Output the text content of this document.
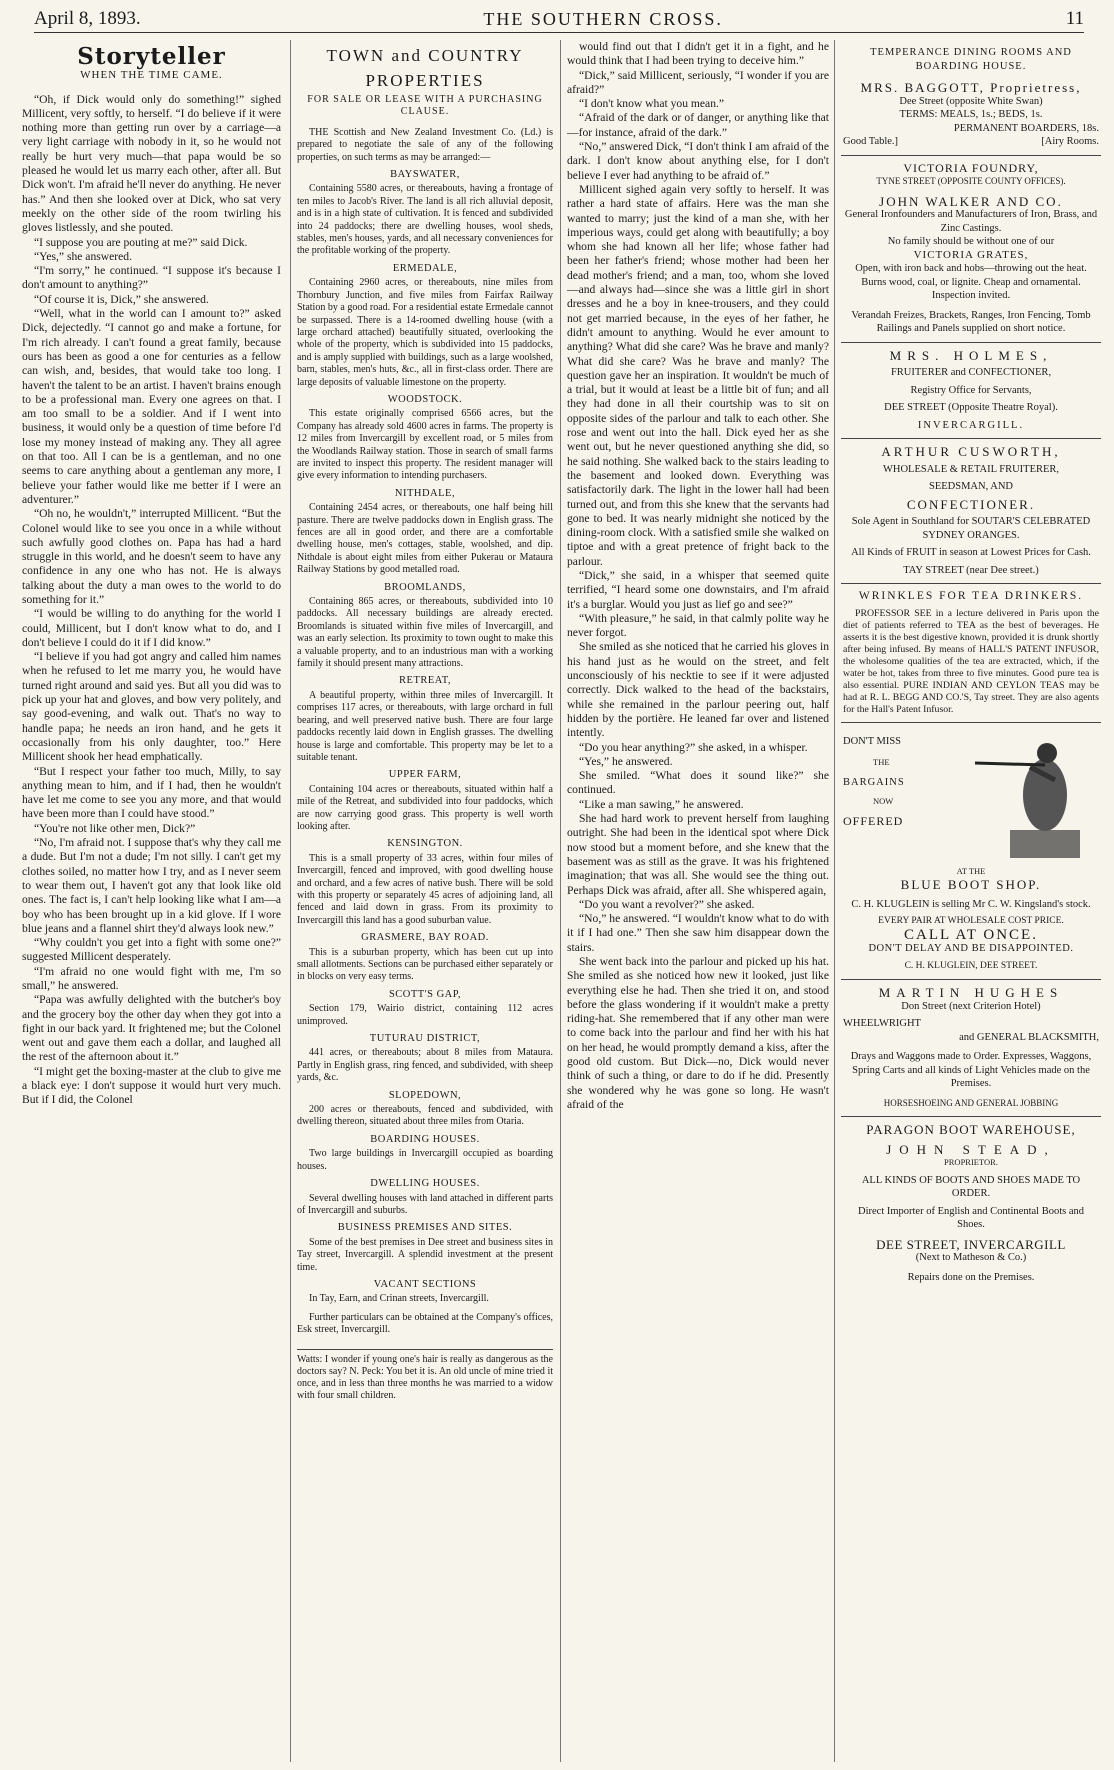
April 8, 1893.	THE SOUTHERN CROSS.	11
Storyteller
WHEN THE TIME CAME.

“Oh, if Dick would only do something!” sighed Millicent, very softly, to herself. “I do believe if it were nothing more than getting run over by a carriage—a very light carriage with nobody in it, so he would not really be hurt very much—that papa would be so pleased he would let us marry each other, after all. But Dick won't. I'm afraid he'll never do anything. He never has.” And then she looked over at Dick, who sat very meekly on the other side of the room twirling his gloves listlessly, and she pouted.

“I suppose you are pouting at me?” said Dick.

“Yes,” she answered.

“I'm sorry,” he continued. “I suppose it's because I don't amount to anything?”

“Of course it is, Dick,” she answered.

“Well, what in the world can I amount to?” asked Dick, dejectedly. “I cannot go and make a fortune, for I'm rich already. I can't found a great family, because ours has been as good a one for centuries as a fellow can wish, and, besides, that would take too long. I haven't the talent to be an artist. I haven't brains enough to be a professional man. Every one agrees on that. I am too small to be a soldier. And if I went into business, it would only be a question of time before I'd lose my money instead of making any. They all agree on that too. All I can be is a gentleman, and no one seems to care anything about a gentleman any more, I believe your father would like me better if I were an adventurer.”

“Oh no, he wouldn't,” interrupted Millicent. “But the Colonel would like to see you once in a while without such awfully good clothes on. Papa has had a hard struggle in this world, and he doesn't seem to have any confidence in any one who has not. He is always talking about the duty a man owes to the world to do something for it.”

“I would be willing to do anything for the world I could, Millicent, but I don't know what to do, and I don't believe I could do it if I did know.”

“I believe if you had got angry and called him names when he refused to let me marry you, he would have turned right around and said yes. But all you did was to pick up your hat and gloves, and bow very politely, and say good-evening, and walk out. That's no way to handle papa; he needs an iron hand, and he gets it occasionally from his only daughter, too.” Here Millicent shook her head emphatically.

“But I respect your father too much, Milly, to say anything mean to him, and if I had, then he wouldn't have let me come to see you any more, and that would have been more than I could have stood.”

“You're not like other men, Dick?”

“No, I'm afraid not. I suppose that's why they call me a dude. But I'm not a dude; I'm not silly. I can't get my clothes soiled, no matter how I try, and as I never seem to wear them out, I haven't got any that look like old ones. The fact is, I can't help looking like what I am—a boy who has been brought up in a kid glove. If I wore blue jeans and a flannel shirt they'd always look new.”

“Why couldn't you get into a fight with some one?” suggested Millicent desperately.

“I'm afraid no one would fight with me, I'm so small,” he answered.

“Papa was awfully delighted with the butcher's boy and the grocery boy the other day when they got into a fight in our back yard. It frightened me; but the Colonel went out and gave them each a dollar, and laughed all the rest of the afternoon about it.”

“I might get the boxing-master at the club to give me a black eye: I don't suppose it would hurt very much. But if I did, the Colonel

TOWN and COUNTRY
PROPERTIES
FOR SALE OR LEASE WITH A PURCHASING CLAUSE.

THE Scottish and New Zealand Investment Co. (Ld.) is prepared to negotiate the sale of any of the following properties, on such terms as may be arranged:—

BAYSWATER,

Containing 5580 acres, or thereabouts, having a frontage of ten miles to Jacob's River. The land is all rich alluvial deposit, and is in a high state of cultivation. It is fenced and subdivided into 24 paddocks; there are dwelling houses, wool sheds, stables, men's houses, yards, and all necessary conveniences for the profitable working of the property.

ERMEDALE,

Containing 2960 acres, or thereabouts, nine miles from Thornbury Junction, and five miles from Fairfax Railway Station by a good road. For a residential estate Ermedale cannot be surpassed. There is a 14-roomed dwelling house (with a large orchard attached) beautifully situated, overlooking the whole of the property, which is subdivided into 15 paddocks, and is amply supplied with buildings, such as a large woolshed, barn, stables, men's huts, &c., all in first-class order. There are large deposits of valuable limestone on the property.

WOODSTOCK.

This estate originally comprised 6566 acres, but the Company has already sold 4600 acres in farms. The property is 12 miles from Invercargill by excellent road, or 5 miles from the Woodlands Railway station. Those in search of small farms are invited to inspect this property. The resident manager will give every information to intending purchasers.

NITHDALE,

Containing 2454 acres, or thereabouts, one half being hill pasture. There are twelve paddocks down in English grass. The fences are all in good order, and there are a comfortable dwelling house, men's cottages, stable, woolshed, and dip. Nithdale is about eight miles from either Pukerau or Mataura Railway Stations by good metalled road.

BROOMLANDS,

Containing 865 acres, or thereabouts, subdivided into 10 paddocks. All necessary buildings are already erected. Broomlands is situated within five miles of Invercargill, and was an early selection. Its proximity to town ought to make this a valuable property, and to an industrious man with a working family it should present many attractions.

RETREAT,

A beautiful property, within three miles of Invercargill. It comprises 117 acres, or thereabouts, with large orchard in full bearing, and well preserved native bush. There are four large paddocks recently laid down in English grasses. The dwelling house is large and comfortable. This property may be let to a suitable tenant.

UPPER FARM,

Containing 104 acres or thereabouts, situated within half a mile of the Retreat, and subdivided into four paddocks, which are now carrying good grass. This property is well worth looking after.

KENSINGTON.

This is a small property of 33 acres, within four miles of Invercargill, fenced and improved, with good dwelling house and orchard, and a few acres of native bush. There will be sold with this property or separately 45 acres of adjoining land, all fenced and laid down in grass. From its proximity to Invercargill this land has a good suburban value.

GRASMERE, BAY ROAD.

This is a suburban property, which has been cut up into small allotments. Sections can be purchased either separately or in blocks on very easy terms.

SCOTT'S GAP,

Section 179, Wairio district, containing 112 acres unimproved.

TUTURAU DISTRICT,

441 acres, or thereabouts; about 8 miles from Mataura. Partly in English grass, ring fenced, and subdivided, with sheep yards, &c.

SLOPEDOWN,

200 acres or thereabouts, fenced and subdivided, with dwelling thereon, situated about three miles from Otaria.

BOARDING HOUSES.

Two large buildings in Invercargill occupied as boarding houses.

DWELLING HOUSES.

Several dwelling houses with land attached in different parts of Invercargill and suburbs.

BUSINESS PREMISES AND SITES.

Some of the best premises in Dee street and business sites in Tay street, Invercargill. A splendid investment at the present time.

VACANT SECTIONS

In Tay, Earn, and Crinan streets, Invercargill.

Further particulars can be obtained at the Company's offices, Esk street, Invercargill.

Watts: I wonder if young one's hair is really as dangerous as the doctors say? N. Peck: You bet it is. An old uncle of mine tried it once, and in less than three months he was married to a widow with four small children.

would find out that I didn't get it in a fight, and he would think that I had been trying to deceive him.”

“Dick,” said Millicent, seriously, “I wonder if you are afraid?”

“I don't know what you mean.”

“Afraid of the dark or of danger, or anything like that—for instance, afraid of the dark.”

“No,” answered Dick, “I don't think I am afraid of the dark. I don't know about anything else, for I don't believe I ever had anything to be afraid of.”

Millicent sighed again very softly to herself. It was rather a hard state of affairs. Here was the man she wanted to marry; just the kind of a man she, with her imperious ways, could get along with beautifully; a boy whom she had known all her life; whose father had been her father's friend; whose mother had been her dead mother's friend; and a man, too, whom she loved—and always had—since she was a little girl in short dresses and he a boy in knee-trousers, and they could not get married because, in the eyes of her father, he didn't amount to anything. Would he ever amount to anything? What did she care? Was he brave and manly? What did she care? Was he brave and manly? The question gave her an inspiration. It wouldn't be much of a trial, but it would at least be a little bit of fun; and all they had done in all their courtship was to sit on opposite sides of the parlour and talk to each other. She rose and went out into the hall. Dick eyed her as she went out, but he never questioned anything she did, so he said nothing. She walked back to the stairs leading to the basement and looked down. Everything was satisfactorily dark. The light in the lower hall had been turned out, and from this she knew that the servants had gone to bed. It was nearly midnight she noticed by the dining-room clock. With a satisfied smile she walked on tiptoe and with a great pretence of fright back to the parlour.

“Dick,” she said, in a whisper that seemed quite terrified, “I heard some one downstairs, and I'm afraid it's a burglar. Would you just as lief go and see?”

“With pleasure,” he said, in that calmly polite way he never forgot.

She smiled as she noticed that he carried his gloves in his hand just as he would on the street, and felt unconsciously of his necktie to see if it were adjusted correctly. Dick walked to the head of the backstairs, while she remained in the parlour peering out, half hidden by the portière. He leaned far over and listened intently.

“Do you hear anything?” she asked, in a whisper.

“Yes,” he answered.

She smiled. “What does it sound like?” she continued.

“Like a man sawing,” he answered.

She had hard work to prevent herself from laughing outright. She had been in the identical spot where Dick now stood but a moment before, and she knew that the basement was as still as the grave. It was his frightened imagination; that was all. She would see the thing out. Perhaps Dick was afraid, after all. She whispered again,

“Do you want a revolver?” she asked.

“No,” he answered. “I wouldn't know what to do with it if I had one.” Then she saw him disappear down the stairs.

She went back into the parlour and picked up his hat. She smiled as she noticed how new it looked, just like everything else he had. Then she tried it on, and stood before the glass wondering if it wouldn't make a pretty riding-hat. She remembered that if any other man were to come back into the parlour and find her with his hat on her head, he would promptly demand a kiss, after the good old custom. But Dick—no, Dick would never think of such a thing, or dare to do if he did. Presently she wondered why he was gone so long. He wasn't afraid of the

TEMPERANCE DINING ROOMS AND BOARDING HOUSE.
MRS. BAGGOTT, Proprietress,
Dee Street (opposite White Swan)
TERMS: MEALS, 1s.; BEDS, 1s.
PERMANENT BOARDERS, 18s.
Good Table.]	[Airy Rooms.
VICTORIA FOUNDRY,
TYNE STREET (OPPOSITE COUNTY OFFICES).
JOHN WALKER AND CO.
General Ironfounders and Manufacturers of Iron, Brass, and Zinc Castings.
No family should be without one of our
VICTORIA GRATES,
Open, with iron back and hobs—throwing out the heat. Burns wood, coal, or lignite. Cheap and ornamental. Inspection invited.
Verandah Freizes, Brackets, Ranges, Iron Fencing, Tomb Railings and Panels supplied on short notice.
MRS. HOLMES,
FRUITERER and CONFECTIONER,
Registry Office for Servants,
DEE STREET (Opposite Theatre Royal).
INVERCARGILL.
ARTHUR CUSWORTH,
WHOLESALE & RETAIL FRUITERER,
SEEDSMAN, AND
CONFECTIONER.
Sole Agent in Southland for SOUTAR'S CELEBRATED SYDNEY ORANGES.
All Kinds of FRUIT in season at Lowest Prices for Cash.
TAY STREET (near Dee street.)
WRINKLES FOR TEA DRINKERS.

PROFESSOR SEE in a lecture delivered in Paris upon the diet of patients referred to TEA as the best of beverages. He asserts it is the best digestive known, provided it is drunk shortly after being infused. By means of HALL'S PATENT INFUSOR, the wholesome qualities of the tea are extracted, which, if the water be hot, takes from three to five minutes. Good pure tea is also essential. PURE INDIAN AND CEYLON TEAS may be had at R. L. BEGG AND CO.'S, Tay street. They are also agents for the Hall's Patent Infusor.

DON'T MISS
THE
BARGAINS
NOW
OFFERED
AT THE
BLUE BOOT SHOP.
C. H. KLUGLEIN is selling Mr C. W. Kingsland's stock.
EVERY PAIR AT WHOLESALE COST PRICE.
CALL AT ONCE.
DON'T DELAY AND BE DISAPPOINTED.
C. H. KLUGLEIN, DEE STREET.
MARTIN HUGHES
Don Street (next Criterion Hotel)
WHEELWRIGHT
and GENERAL BLACKSMITH,
Drays and Waggons made to Order. Expresses, Waggons, Spring Carts and all kinds of Light Vehicles made on the Premises.
HORSESHOEING AND GENERAL JOBBING
PARAGON BOOT WAREHOUSE,
JOHN STEAD,
PROPRIETOR.
ALL KINDS OF BOOTS AND SHOES MADE TO ORDER.
Direct Importer of English and Continental Boots and Shoes.
DEE STREET, INVERCARGILL
(Next to Matheson & Co.)
Repairs done on the Premises.
